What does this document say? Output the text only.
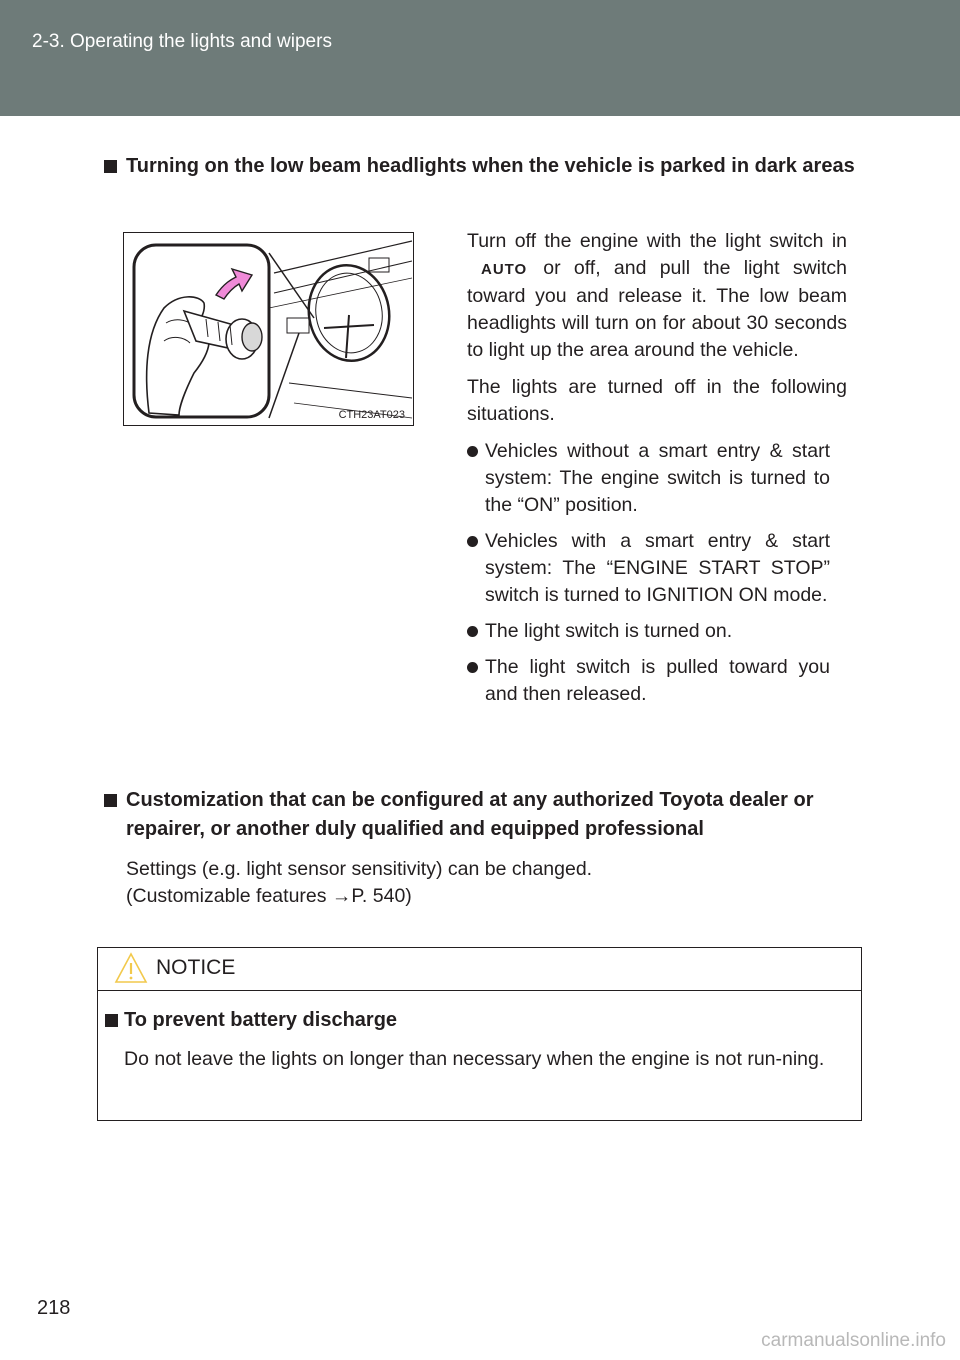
2-3. Operating the lights and wipers
Turning on the low beam headlights when the vehicle is parked in dark areas
CTH23AT023

Turn off the engine with the light switch inAUTO or off, and pull the light switch toward you and release it. The low beam headlights will turn on for about 30 seconds to light up the area around the vehicle.

The lights are turned off in the following situations.

Vehicles without a smart entry & start system: The engine switch is turned to the “ON” position.
Vehicles with a smart entry & start system: The “ENGINE START STOP” switch is turned to IGNITION ON mode.
The light switch is turned on.
The light switch is pulled toward you and then released.
Customization that can be configured at any authorized Toyota dealer or repairer, or another duly qualified and equipped professional
Settings (e.g. light sensor sensitivity) can be changed.
(Customizable features →P. 540)
NOTICE
To prevent battery discharge
Do not leave the lights on longer than necessary when the engine is not run-ning.
218
carmanualsonline.info
